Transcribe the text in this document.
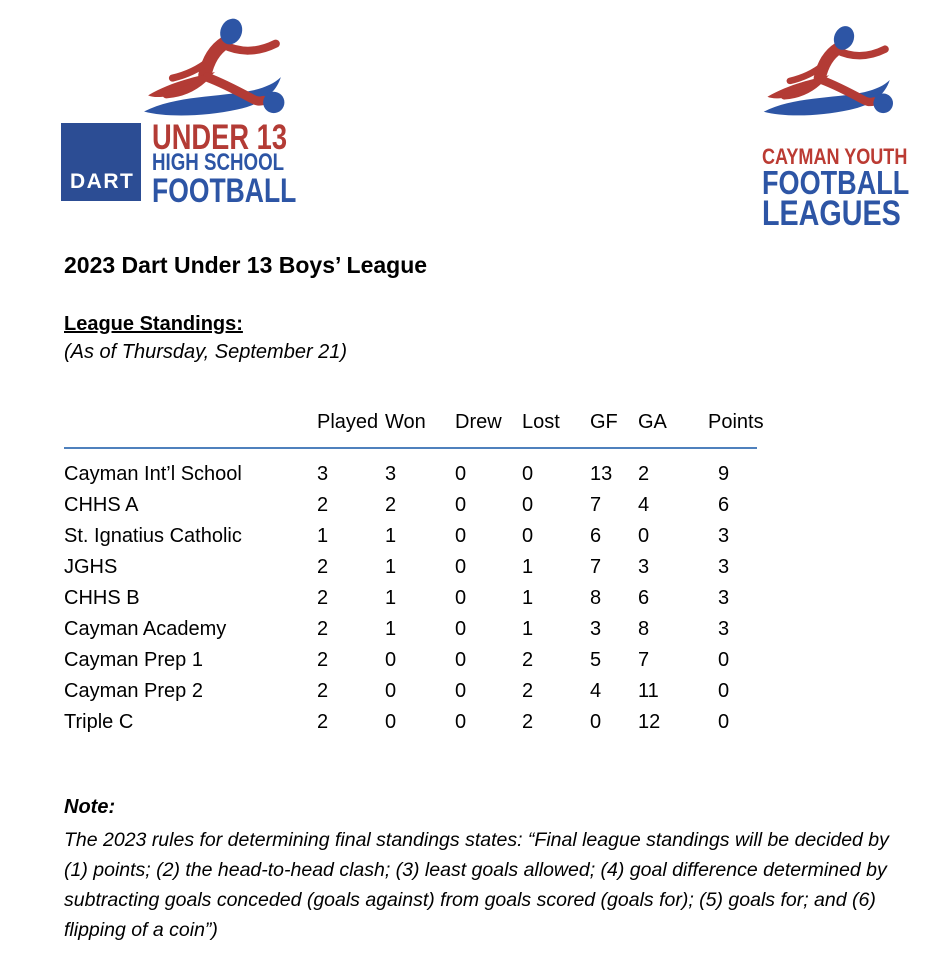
DART
UNDER 13
HIGH SCHOOL
FOOTBALL
CAYMAN YOUTH
FOOTBALL
LEAGUES
2023 Dart Under 13 Boys’ League
League Standings:
(As of Thursday, September 21)
	Played	Won	Drew	Lost	GF	GA	Points
Cayman Int’l School	3	3	0	0	13	2	9
CHHS A	2	2	0	0	7	4	6
St. Ignatius Catholic	1	1	0	0	6	0	3
JGHS	2	1	0	1	7	3	3
CHHS B	2	1	0	1	8	6	3
Cayman Academy	2	1	0	1	3	8	3
Cayman Prep 1	2	0	0	2	5	7	0
Cayman Prep 2	2	0	0	2	4	11	0
Triple C	2	0	0	2	0	12	0
Note:
The 2023 rules for determining final standings states: “Final league standings will be decided by
(1) points; (2) the head-to-head clash; (3) least goals allowed; (4) goal difference determined by
subtracting goals conceded (goals against) from goals scored (goals for); (5) goals for; and (6)
flipping of a coin”)
